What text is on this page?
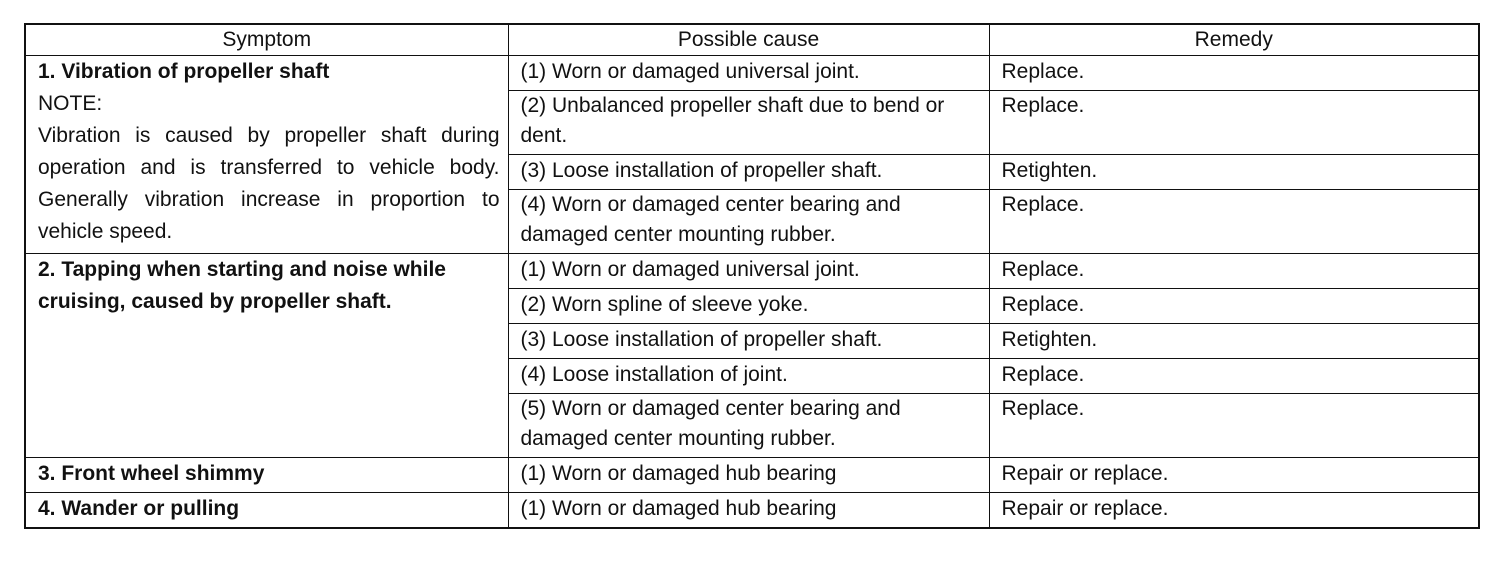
Symptom	Possible cause	Remedy

1. Vibration of propeller shaft
NOTE:
Vibration is caused by propeller shaft during operation and is transferred to vehicle body. Generally vibration increase in proportion to vehicle speed.	(1) Worn or damaged universal joint.	Replace.
	(2) Unbalanced propeller shaft due to bend or dent.	Replace.
	(3) Loose installation of propeller shaft.	Retighten.
	(4) Worn or damaged center bearing and damaged center mounting rubber.	Replace.

2. Tapping when starting and noise while cruising, caused by propeller shaft.	(1) Worn or damaged universal joint.	Replace.
	(2) Worn spline of sleeve yoke.	Replace.
	(3) Loose installation of propeller shaft.	Retighten.
	(4) Loose installation of joint.	Replace.
	(5) Worn or damaged center bearing and damaged center mounting rubber.	Replace.

3. Front wheel shimmy	(1) Worn or damaged hub bearing	Repair or replace.

4. Wander or pulling	(1) Worn or damaged hub bearing	Repair or replace.
